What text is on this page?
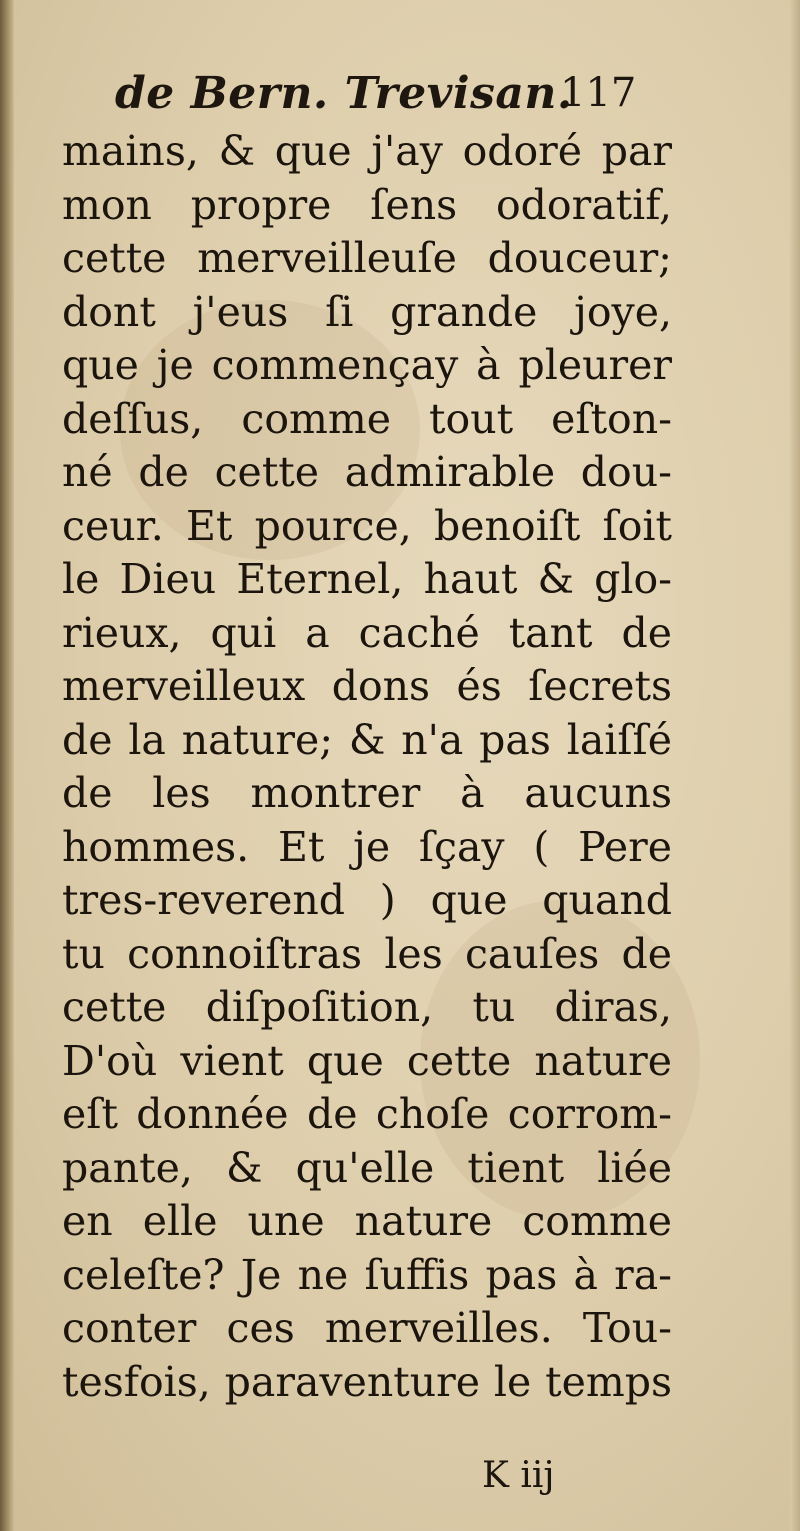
de Bern. Trevisan.
117
mains, & que j'ay odoré par
mon propre ſens odoratif,
cette merveilleuſe douceur;
dont j'eus ſi grande joye,
que je commençay à pleurer
deſſus, comme tout eſton-
né de cette admirable dou-
ceur. Et pource, benoiſt ſoit
le Dieu Eternel, haut & glo-
rieux, qui a caché tant de
merveilleux dons és ſecrets
de la nature; & n'a pas laiſſé
de les montrer à aucuns
hommes. Et je ſçay ( Pere
tres-reverend ) que quand
tu connoiſtras les cauſes de
cette diſpoſition, tu diras,
D'où vient que cette nature
eſt donnée de choſe corrom-
pante, & qu'elle tient liée
en elle une nature comme
celeſte? Je ne ſuffis pas à ra-
conter ces merveilles. Tou-
tesfois, paraventure le temps
K iij
